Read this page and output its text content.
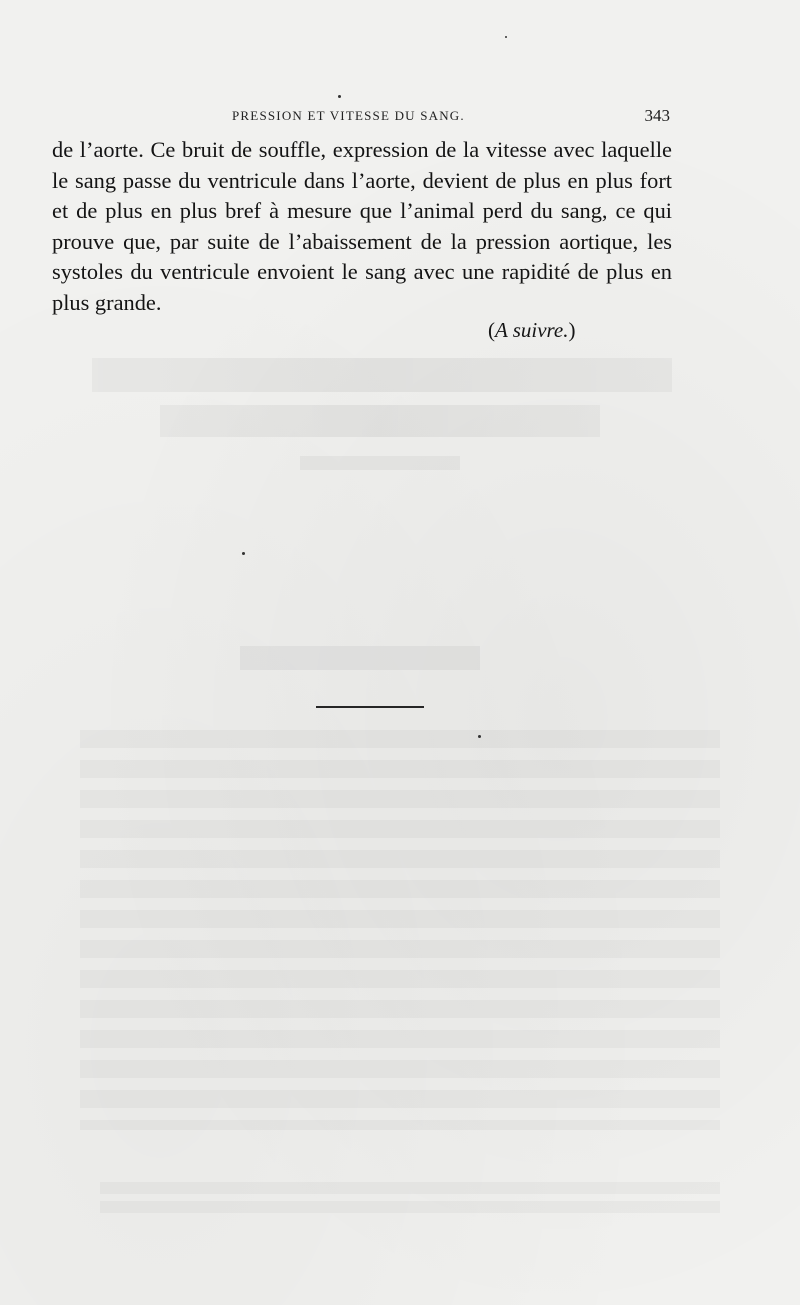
PRESSION ET VITESSE DU SANG.	343

de l’aorte. Ce bruit de souffle, expression de la vitesse avec laquelle le sang passe du ventricule dans l’aorte, devient de plus en plus fort et de plus en plus bref à mesure que l’animal perd du sang, ce qui prouve que, par suite de l’abaissement de la pression aortique, les systoles du ventricule envoient le sang avec une rapidité de plus en plus grande.

(A suivre.)
